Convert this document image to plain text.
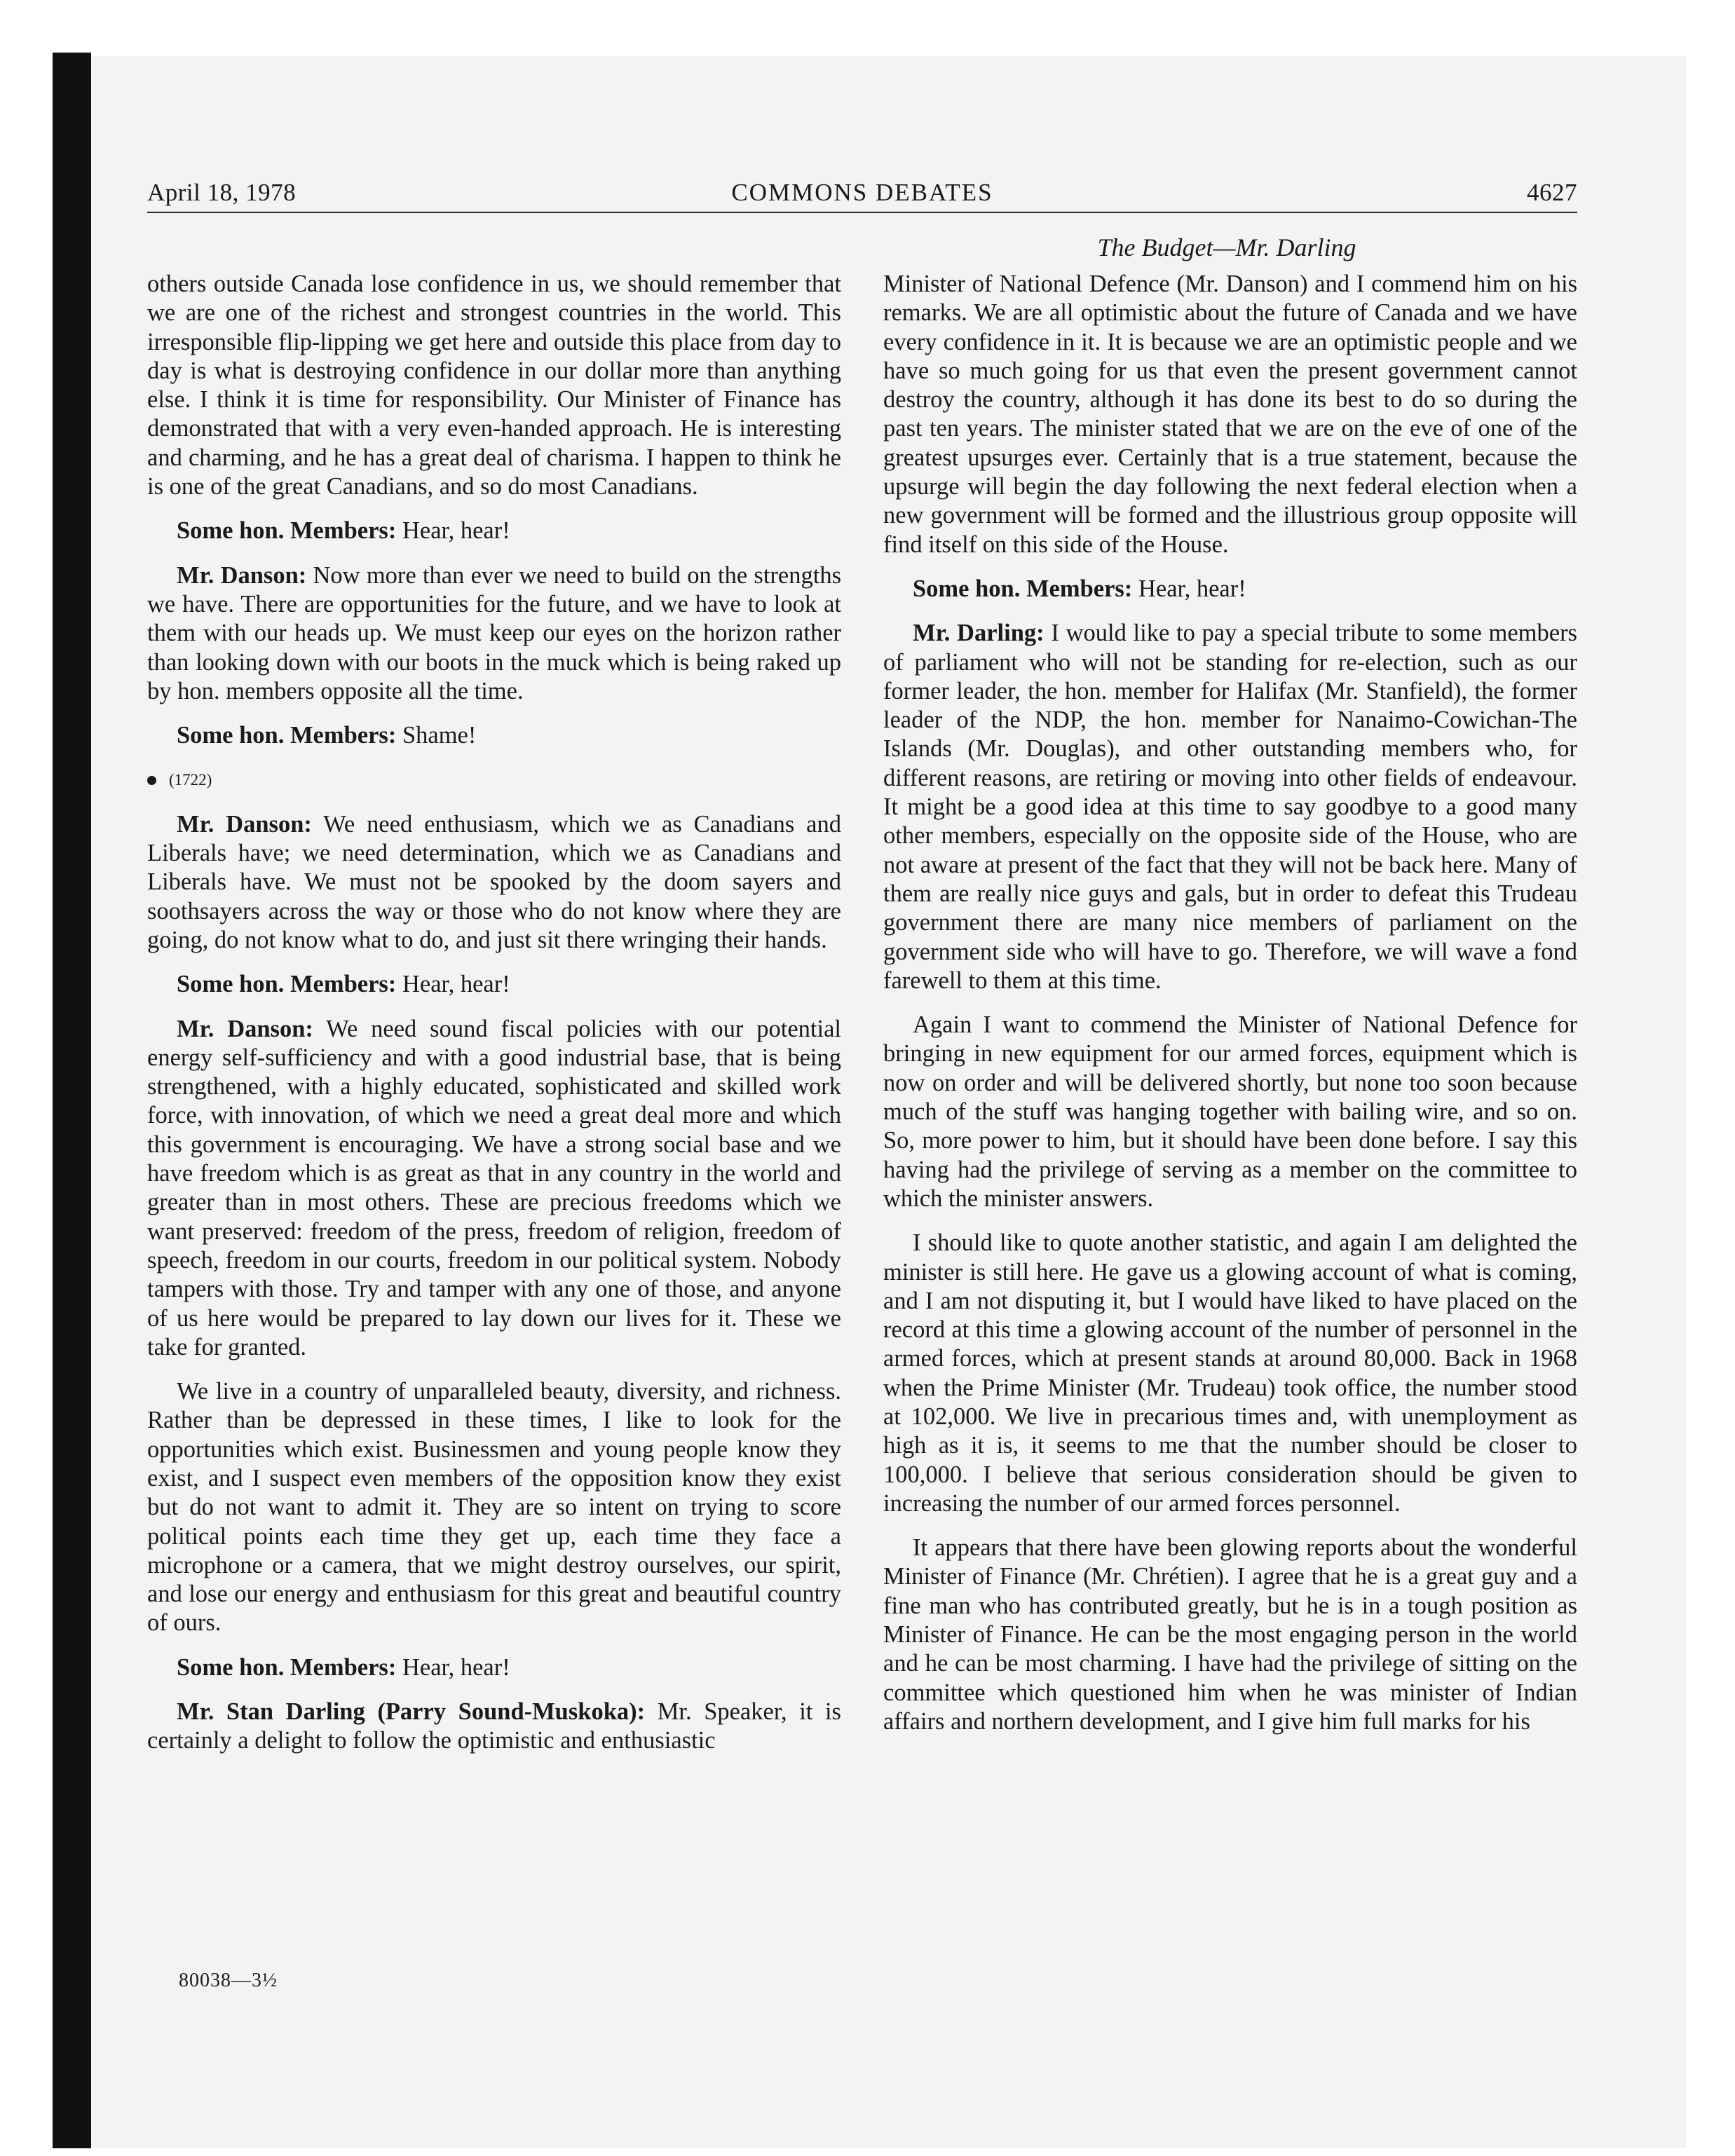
April 18, 1978	COMMONS DEBATES	4627
The Budget—Mr. Darling

others outside Canada lose confidence in us, we should remember that we are one of the richest and strongest countries in the world. This irresponsible flip-lipping we get here and outside this place from day to day is what is destroying confidence in our dollar more than anything else. I think it is time for responsibility. Our Minister of Finance has demonstrated that with a very even-handed approach. He is interesting and charming, and he has a great deal of charisma. I happen to think he is one of the great Canadians, and so do most Canadians.

Some hon. Members: Hear, hear!

Mr. Danson: Now more than ever we need to build on the strengths we have. There are opportunities for the future, and we have to look at them with our heads up. We must keep our eyes on the horizon rather than looking down with our boots in the muck which is being raked up by hon. members opposite all the time.

Some hon. Members: Shame!

(1722)

Mr. Danson: We need enthusiasm, which we as Canadians and Liberals have; we need determination, which we as Canadians and Liberals have. We must not be spooked by the doom sayers and soothsayers across the way or those who do not know where they are going, do not know what to do, and just sit there wringing their hands.

Some hon. Members: Hear, hear!

Mr. Danson: We need sound fiscal policies with our potential energy self-sufficiency and with a good industrial base, that is being strengthened, with a highly educated, sophisticated and skilled work force, with innovation, of which we need a great deal more and which this government is encouraging. We have a strong social base and we have freedom which is as great as that in any country in the world and greater than in most others. These are precious freedoms which we want preserved: freedom of the press, freedom of religion, freedom of speech, freedom in our courts, freedom in our political system. Nobody tampers with those. Try and tamper with any one of those, and anyone of us here would be prepared to lay down our lives for it. These we take for granted.

We live in a country of unparalleled beauty, diversity, and richness. Rather than be depressed in these times, I like to look for the opportunities which exist. Businessmen and young people know they exist, and I suspect even members of the opposition know they exist but do not want to admit it. They are so intent on trying to score political points each time they get up, each time they face a microphone or a camera, that we might destroy ourselves, our spirit, and lose our energy and enthusiasm for this great and beautiful country of ours.

Some hon. Members: Hear, hear!

Mr. Stan Darling (Parry Sound-Muskoka): Mr. Speaker, it is certainly a delight to follow the optimistic and enthusiastic

Minister of National Defence (Mr. Danson) and I commend him on his remarks. We are all optimistic about the future of Canada and we have every confidence in it. It is because we are an optimistic people and we have so much going for us that even the present government cannot destroy the country, although it has done its best to do so during the past ten years. The minister stated that we are on the eve of one of the greatest upsurges ever. Certainly that is a true statement, because the upsurge will begin the day following the next federal election when a new government will be formed and the illustrious group opposite will find itself on this side of the House.

Some hon. Members: Hear, hear!

Mr. Darling: I would like to pay a special tribute to some members of parliament who will not be standing for re-election, such as our former leader, the hon. member for Halifax (Mr. Stanfield), the former leader of the NDP, the hon. member for Nanaimo-Cowichan-The Islands (Mr. Douglas), and other outstanding members who, for different reasons, are retiring or moving into other fields of endeavour. It might be a good idea at this time to say goodbye to a good many other members, especially on the opposite side of the House, who are not aware at present of the fact that they will not be back here. Many of them are really nice guys and gals, but in order to defeat this Trudeau government there are many nice members of parliament on the government side who will have to go. Therefore, we will wave a fond farewell to them at this time.

Again I want to commend the Minister of National Defence for bringing in new equipment for our armed forces, equipment which is now on order and will be delivered shortly, but none too soon because much of the stuff was hanging together with bailing wire, and so on. So, more power to him, but it should have been done before. I say this having had the privilege of serving as a member on the committee to which the minister answers.

I should like to quote another statistic, and again I am delighted the minister is still here. He gave us a glowing account of what is coming, and I am not disputing it, but I would have liked to have placed on the record at this time a glowing account of the number of personnel in the armed forces, which at present stands at around 80,000. Back in 1968 when the Prime Minister (Mr. Trudeau) took office, the number stood at 102,000. We live in precarious times and, with unemployment as high as it is, it seems to me that the number should be closer to 100,000. I believe that serious consideration should be given to increasing the number of our armed forces personnel.

It appears that there have been glowing reports about the wonderful Minister of Finance (Mr. Chrétien). I agree that he is a great guy and a fine man who has contributed greatly, but he is in a tough position as Minister of Finance. He can be the most engaging person in the world and he can be most charming. I have had the privilege of sitting on the committee which questioned him when he was minister of Indian affairs and northern development, and I give him full marks for his

80038—3½
